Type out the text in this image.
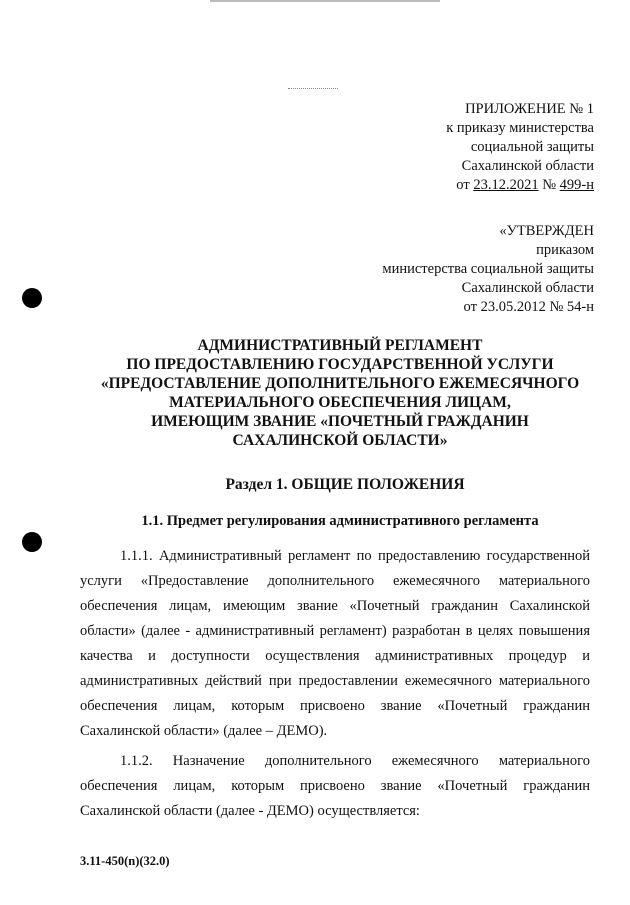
ПРИЛОЖЕНИЕ № 1
к приказу министерства
социальной защиты
Сахалинской области
от 23.12.2021 № 499-н
«УТВЕРЖДЕН
приказом
министерства социальной защиты
Сахалинской области
от 23.05.2012 № 54-н
АДМИНИСТРАТИВНЫЙ РЕГЛАМЕНТ
ПО ПРЕДОСТАВЛЕНИЮ ГОСУДАРСТВЕННОЙ УСЛУГИ
«ПРЕДОСТАВЛЕНИЕ ДОПОЛНИТЕЛЬНОГО ЕЖЕМЕСЯЧНОГО
МАТЕРИАЛЬНОГО ОБЕСПЕЧЕНИЯ ЛИЦАМ,
ИМЕЮЩИМ ЗВАНИЕ «ПОЧЕТНЫЙ ГРАЖДАНИН
САХАЛИНСКОЙ ОБЛАСТИ»
Раздел 1. ОБЩИЕ ПОЛОЖЕНИЯ
1.1. Предмет регулирования административного регламента

1.1.1. Административный регламент по предоставлению государственной услуги «Предоставление дополнительного ежемесячного материального обеспечения лицам, имеющим звание «Почетный гражданин Сахалинской области» (далее - административный регламент) разработан в целях повышения качества и доступности осуществления административных процедур и административных действий при предоставлении ежемесячного материального обеспечения лицам, которым присвоено звание «Почетный гражданин Сахалинской области» (далее – ДЕМО).

1.1.2. Назначение дополнительного ежемесячного материального обеспечения лицам, которым присвоено звание «Почетный гражданин Сахалинской области (далее - ДЕМО) осуществляется:

3.11-450(n)(32.0)
